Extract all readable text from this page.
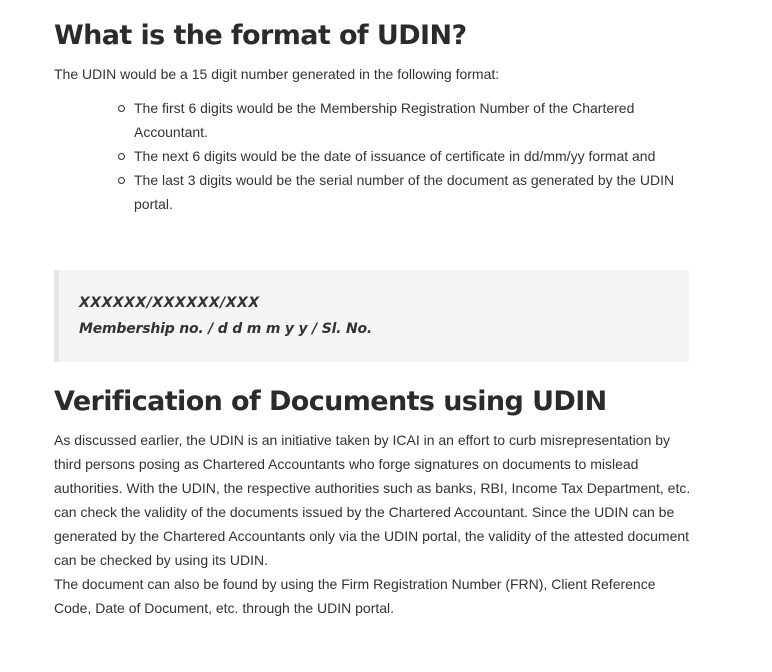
What is the format of UDIN?

The UDIN would be a 15 digit number generated in the following format:

The first 6 digits would be the Membership Registration Number of the Chartered Accountant.
The next 6 digits would be the date of issuance of certificate in dd/mm/yy format and
The last 3 digits would be the serial number of the document as generated by the UDIN portal.
XXXXXX/XXXXXX/XXX
Membership no. / d d m m y y / Sl. No.
Verification of Documents using UDIN

As discussed earlier, the UDIN is an initiative taken by ICAI in an effort to curb misrepresentation by third persons posing as Chartered Accountants who forge signatures on documents to mislead authorities. With the UDIN, the respective authorities such as banks, RBI, Income Tax Department, etc. can check the validity of the documents issued by the Chartered Accountant. Since the UDIN can be generated by the Chartered Accountants only via the UDIN portal, the validity of the attested document can be checked by using its UDIN.

The document can also be found by using the Firm Registration Number (FRN), Client Reference Code, Date of Document, etc. through the UDIN portal.
